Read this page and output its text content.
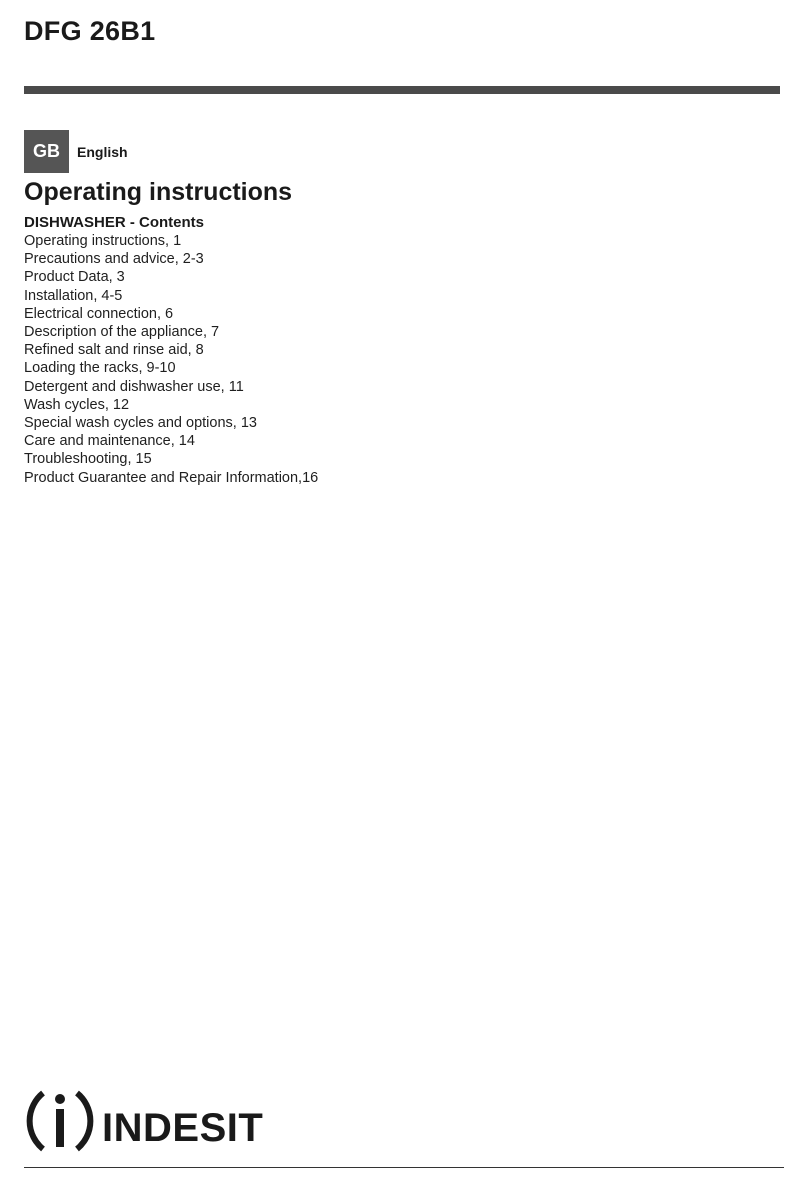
DFG 26B1
GB	English
Operating instructions
DISHWASHER - Contents
Operating instructions, 1
Precautions and advice, 2-3
Product Data, 3
Installation, 4-5
Electrical connection, 6
Description of the appliance, 7
Refined salt and rinse aid, 8
Loading the racks, 9-10
Detergent and dishwasher use, 11
Wash cycles, 12
Special wash cycles and options, 13
Care and maintenance, 14
Troubleshooting, 15
Product Guarantee and Repair Information,16
INDESIT
